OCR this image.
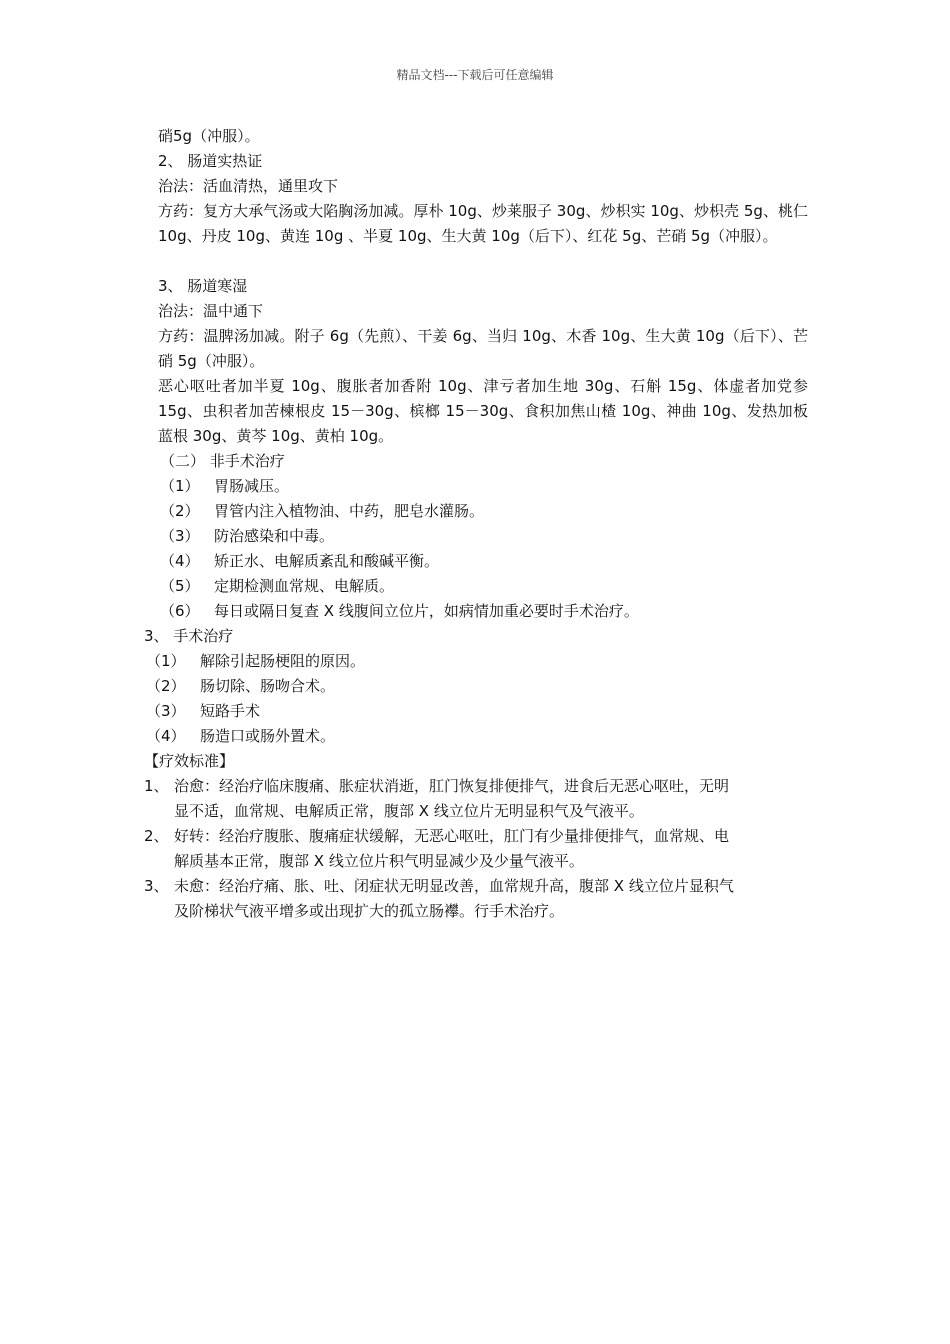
精品文档---下载后可任意编辑
硝5g（冲服）。
2、 肠道实热证
治法：活血清热，通里攻下

方药：复方大承气汤或大陷胸汤加减。厚朴 10g、炒莱服子 30g、炒枳实 10g、炒枳壳 5g、桃仁 10g、丹皮 10g、黄连 10g 、半夏 10g、生大黄 10g（后下）、红花 5g、芒硝 5g（冲服）。

3、 肠道寒湿
治法：温中通下

方药：温脾汤加减。附子 6g（先煎）、干姜 6g、当归 10g、木香 10g、生大黄 10g（后下）、芒硝 5g（冲服）。

恶心呕吐者加半夏 10g、腹胀者加香附 10g、津亏者加生地 30g、石斛 15g、体虚者加党参 15g、虫积者加苦楝根皮 15－30g、槟榔 15－30g、食积加焦山楂 10g、神曲 10g、发热加板蓝根 30g、黄芩 10g、黄柏 10g。

（二） 非手术治疗
（1） 胃肠减压。
（2） 胃管内注入植物油、中药，肥皂水灌肠。
（3） 防治感染和中毒。
（4） 矫正水、电解质紊乱和酸碱平衡。
（5） 定期检测血常规、电解质。
（6） 每日或隔日复查 X 线腹间立位片，如病情加重必要时手术治疗。
3、 手术治疗
（1） 解除引起肠梗阻的原因。
（2） 肠切除、肠吻合术。
（3） 短路手术
（4） 肠造口或肠外置术。
【疗效标准】
1、 治愈：经治疗临床腹痛、胀症状消逝，肛门恢复排便排气，进食后无恶心呕吐，无明
显不适，血常规、电解质正常，腹部 X 线立位片无明显积气及气液平。
2、 好转：经治疗腹胀、腹痛症状缓解，无恶心呕吐，肛门有少量排便排气，血常规、电
解质基本正常，腹部 X 线立位片积气明显减少及少量气液平。
3、 未愈：经治疗痛、胀、吐、闭症状无明显改善，血常规升高，腹部 X 线立位片显积气
及阶梯状气液平增多或出现扩大的孤立肠襻。行手术治疗。
